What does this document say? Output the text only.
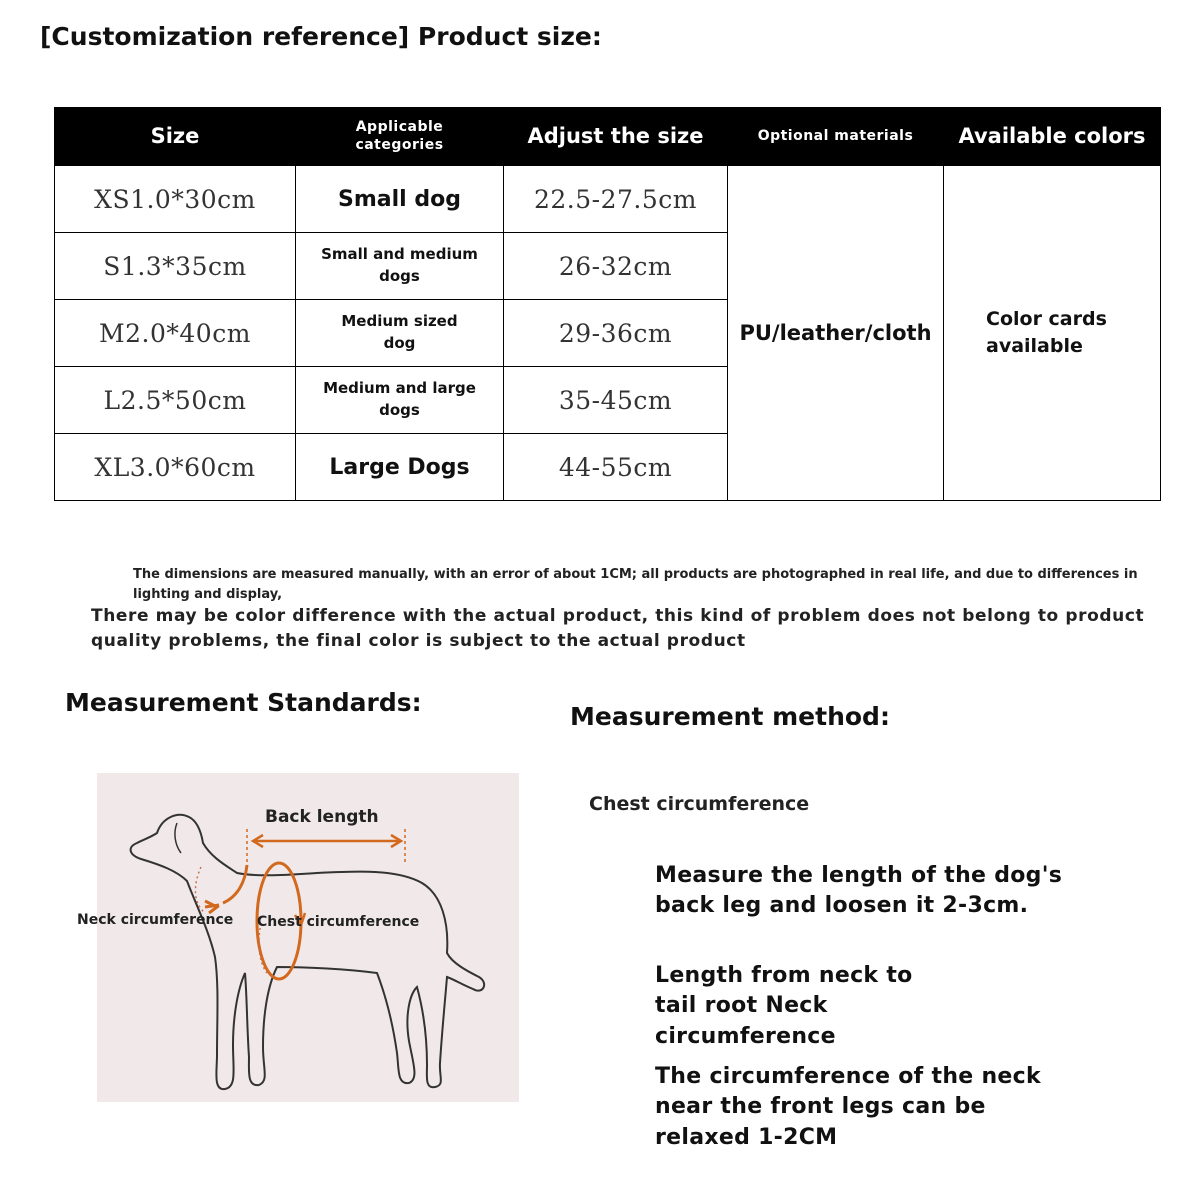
[Customization reference] Product size:
Size	Applicable categories	Adjust the size	Optional materials	Available colors
XS1.0*30cm	Small dog	22.5-27.5cm	PU/leather/cloth	Color cards available

S1.3*35cm	Small and medium dogs	26-32cm		
M2.0*40cm	Medium sized dog	29-36cm		
L2.5*50cm	Medium and large dogs	35-45cm		
XL3.0*60cm	Large Dogs	44-55cm		
The dimensions are measured manually, with an error of about 1CM; all products are photographed in real life, and due to differences in lighting and display,
There may be color difference with the actual product, this kind of problem does not belong to product quality problems, the final color is subject to the actual product
Measurement Standards:	Measurement method:
Back length
Neck circumference Chest circumference
Chest circumference
Measure the length of the dog's back leg and loosen it 2-3cm.
Length from neck to tail root Neck circumference
The circumference of the neck near the front legs can be relaxed 1-2CM
